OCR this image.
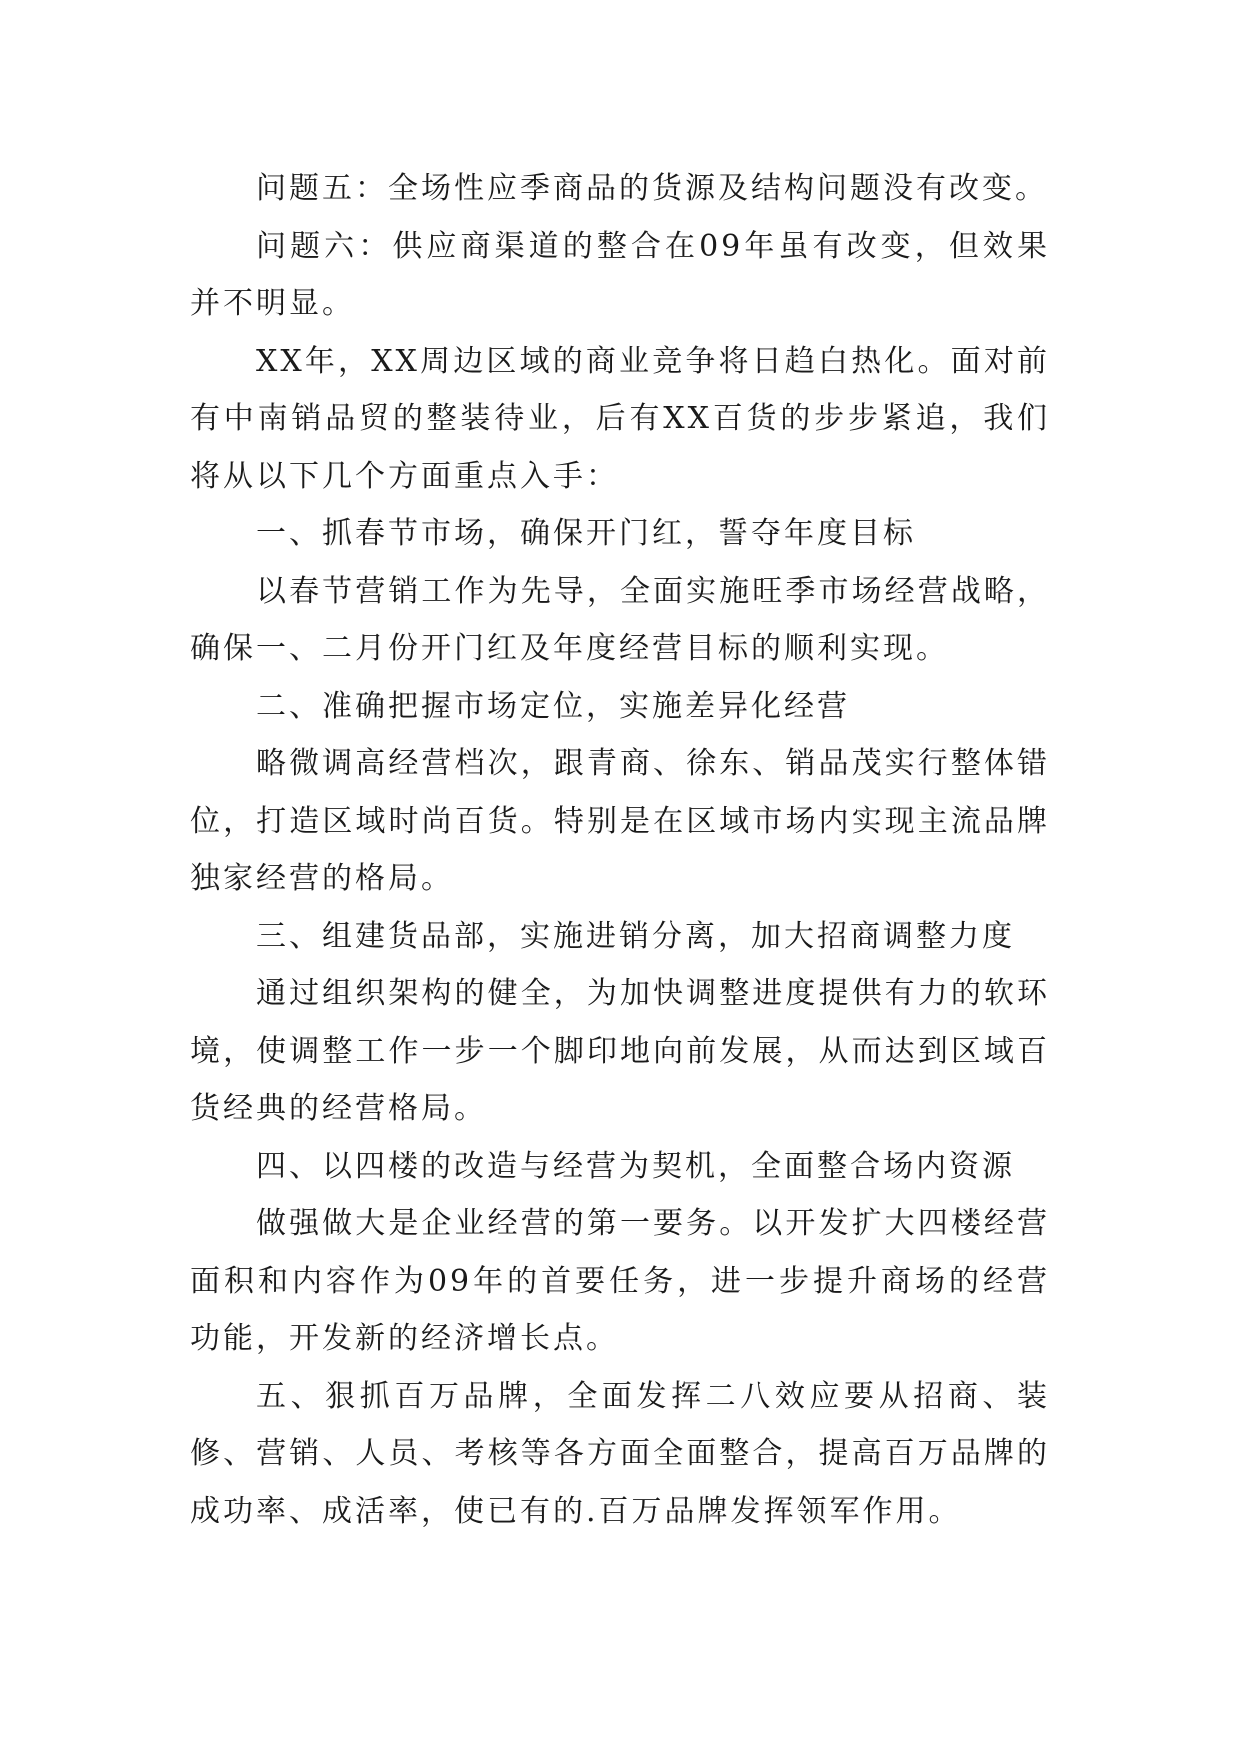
问题五：全场性应季商品的货源及结构问题没有改变。

问题六：供应商渠道的整合在09年虽有改变，但效果并不明显。

XX年，XX周边区域的商业竞争将日趋白热化。面对前有中南销品贸的整装待业，后有XX百货的步步紧追，我们将从以下几个方面重点入手：

一、抓春节市场，确保开门红，誓夺年度目标

以春节营销工作为先导，全面实施旺季市场经营战略，确保一、二月份开门红及年度经营目标的顺利实现。

二、准确把握市场定位，实施差异化经营

略微调高经营档次，跟青商、徐东、销品茂实行整体错位，打造区域时尚百货。特别是在区域市场内实现主流品牌独家经营的格局。

三、组建货品部，实施进销分离，加大招商调整力度

通过组织架构的健全，为加快调整进度提供有力的软环境，使调整工作一步一个脚印地向前发展，从而达到区域百货经典的经营格局。

四、以四楼的改造与经营为契机，全面整合场内资源

做强做大是企业经营的第一要务。以开发扩大四楼经营面积和内容作为09年的首要任务，进一步提升商场的经营功能，开发新的经济增长点。

五、狠抓百万品牌，全面发挥二八效应要从招商、装修、营销、人员、考核等各方面全面整合，提高百万品牌的成功率、成活率，使已有的.百万品牌发挥领军作用。
